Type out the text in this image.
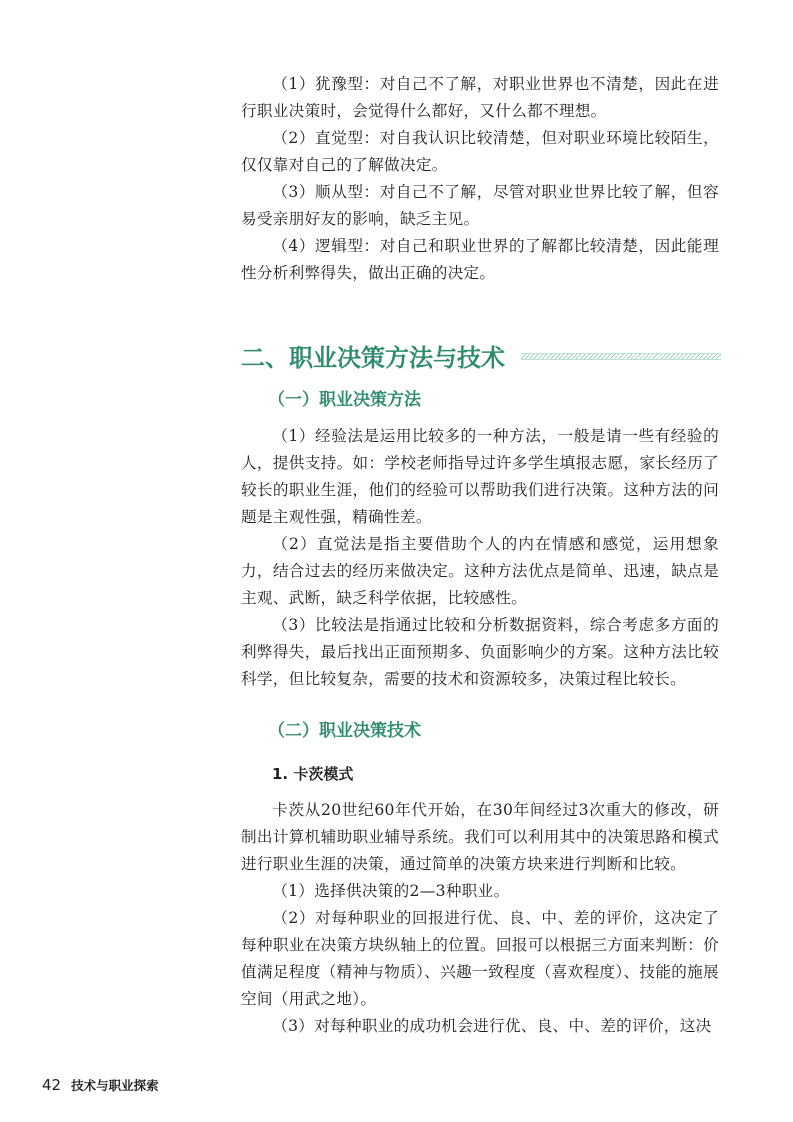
（1）犹豫型：对自己不了解，对职业世界也不清楚，因此在进行职业决策时，会觉得什么都好，又什么都不理想。

（2）直觉型：对自我认识比较清楚，但对职业环境比较陌生，仅仅靠对自己的了解做决定。

（3）顺从型：对自己不了解，尽管对职业世界比较了解，但容易受亲朋好友的影响，缺乏主见。

（4）逻辑型：对自己和职业世界的了解都比较清楚，因此能理性分析利弊得失，做出正确的决定。

二、职业决策方法与技术
（一）职业决策方法

（1）经验法是运用比较多的一种方法，一般是请一些有经验的人，提供支持。如：学校老师指导过许多学生填报志愿，家长经历了较长的职业生涯，他们的经验可以帮助我们进行决策。这种方法的问题是主观性强，精确性差。

（2）直觉法是指主要借助个人的内在情感和感觉，运用想象力，结合过去的经历来做决定。这种方法优点是简单、迅速，缺点是主观、武断，缺乏科学依据，比较感性。

（3）比较法是指通过比较和分析数据资料，综合考虑多方面的利弊得失，最后找出正面预期多、负面影响少的方案。这种方法比较科学，但比较复杂，需要的技术和资源较多，决策过程比较长。

（二）职业决策技术
1. 卡茨模式

卡茨从20世纪60年代开始，在30年间经过3次重大的修改，研制出计算机辅助职业辅导系统。我们可以利用其中的决策思路和模式进行职业生涯的决策，通过简单的决策方块来进行判断和比较。

（1）选择供决策的2—3种职业。

（2）对每种职业的回报进行优、良、中、差的评价，这决定了每种职业在决策方块纵轴上的位置。回报可以根据三方面来判断：价值满足程度（精神与物质）、兴趣一致程度（喜欢程度）、技能的施展空间（用武之地）。

（3）对每种职业的成功机会进行优、良、中、差的评价，这决

42 技术与职业探索
